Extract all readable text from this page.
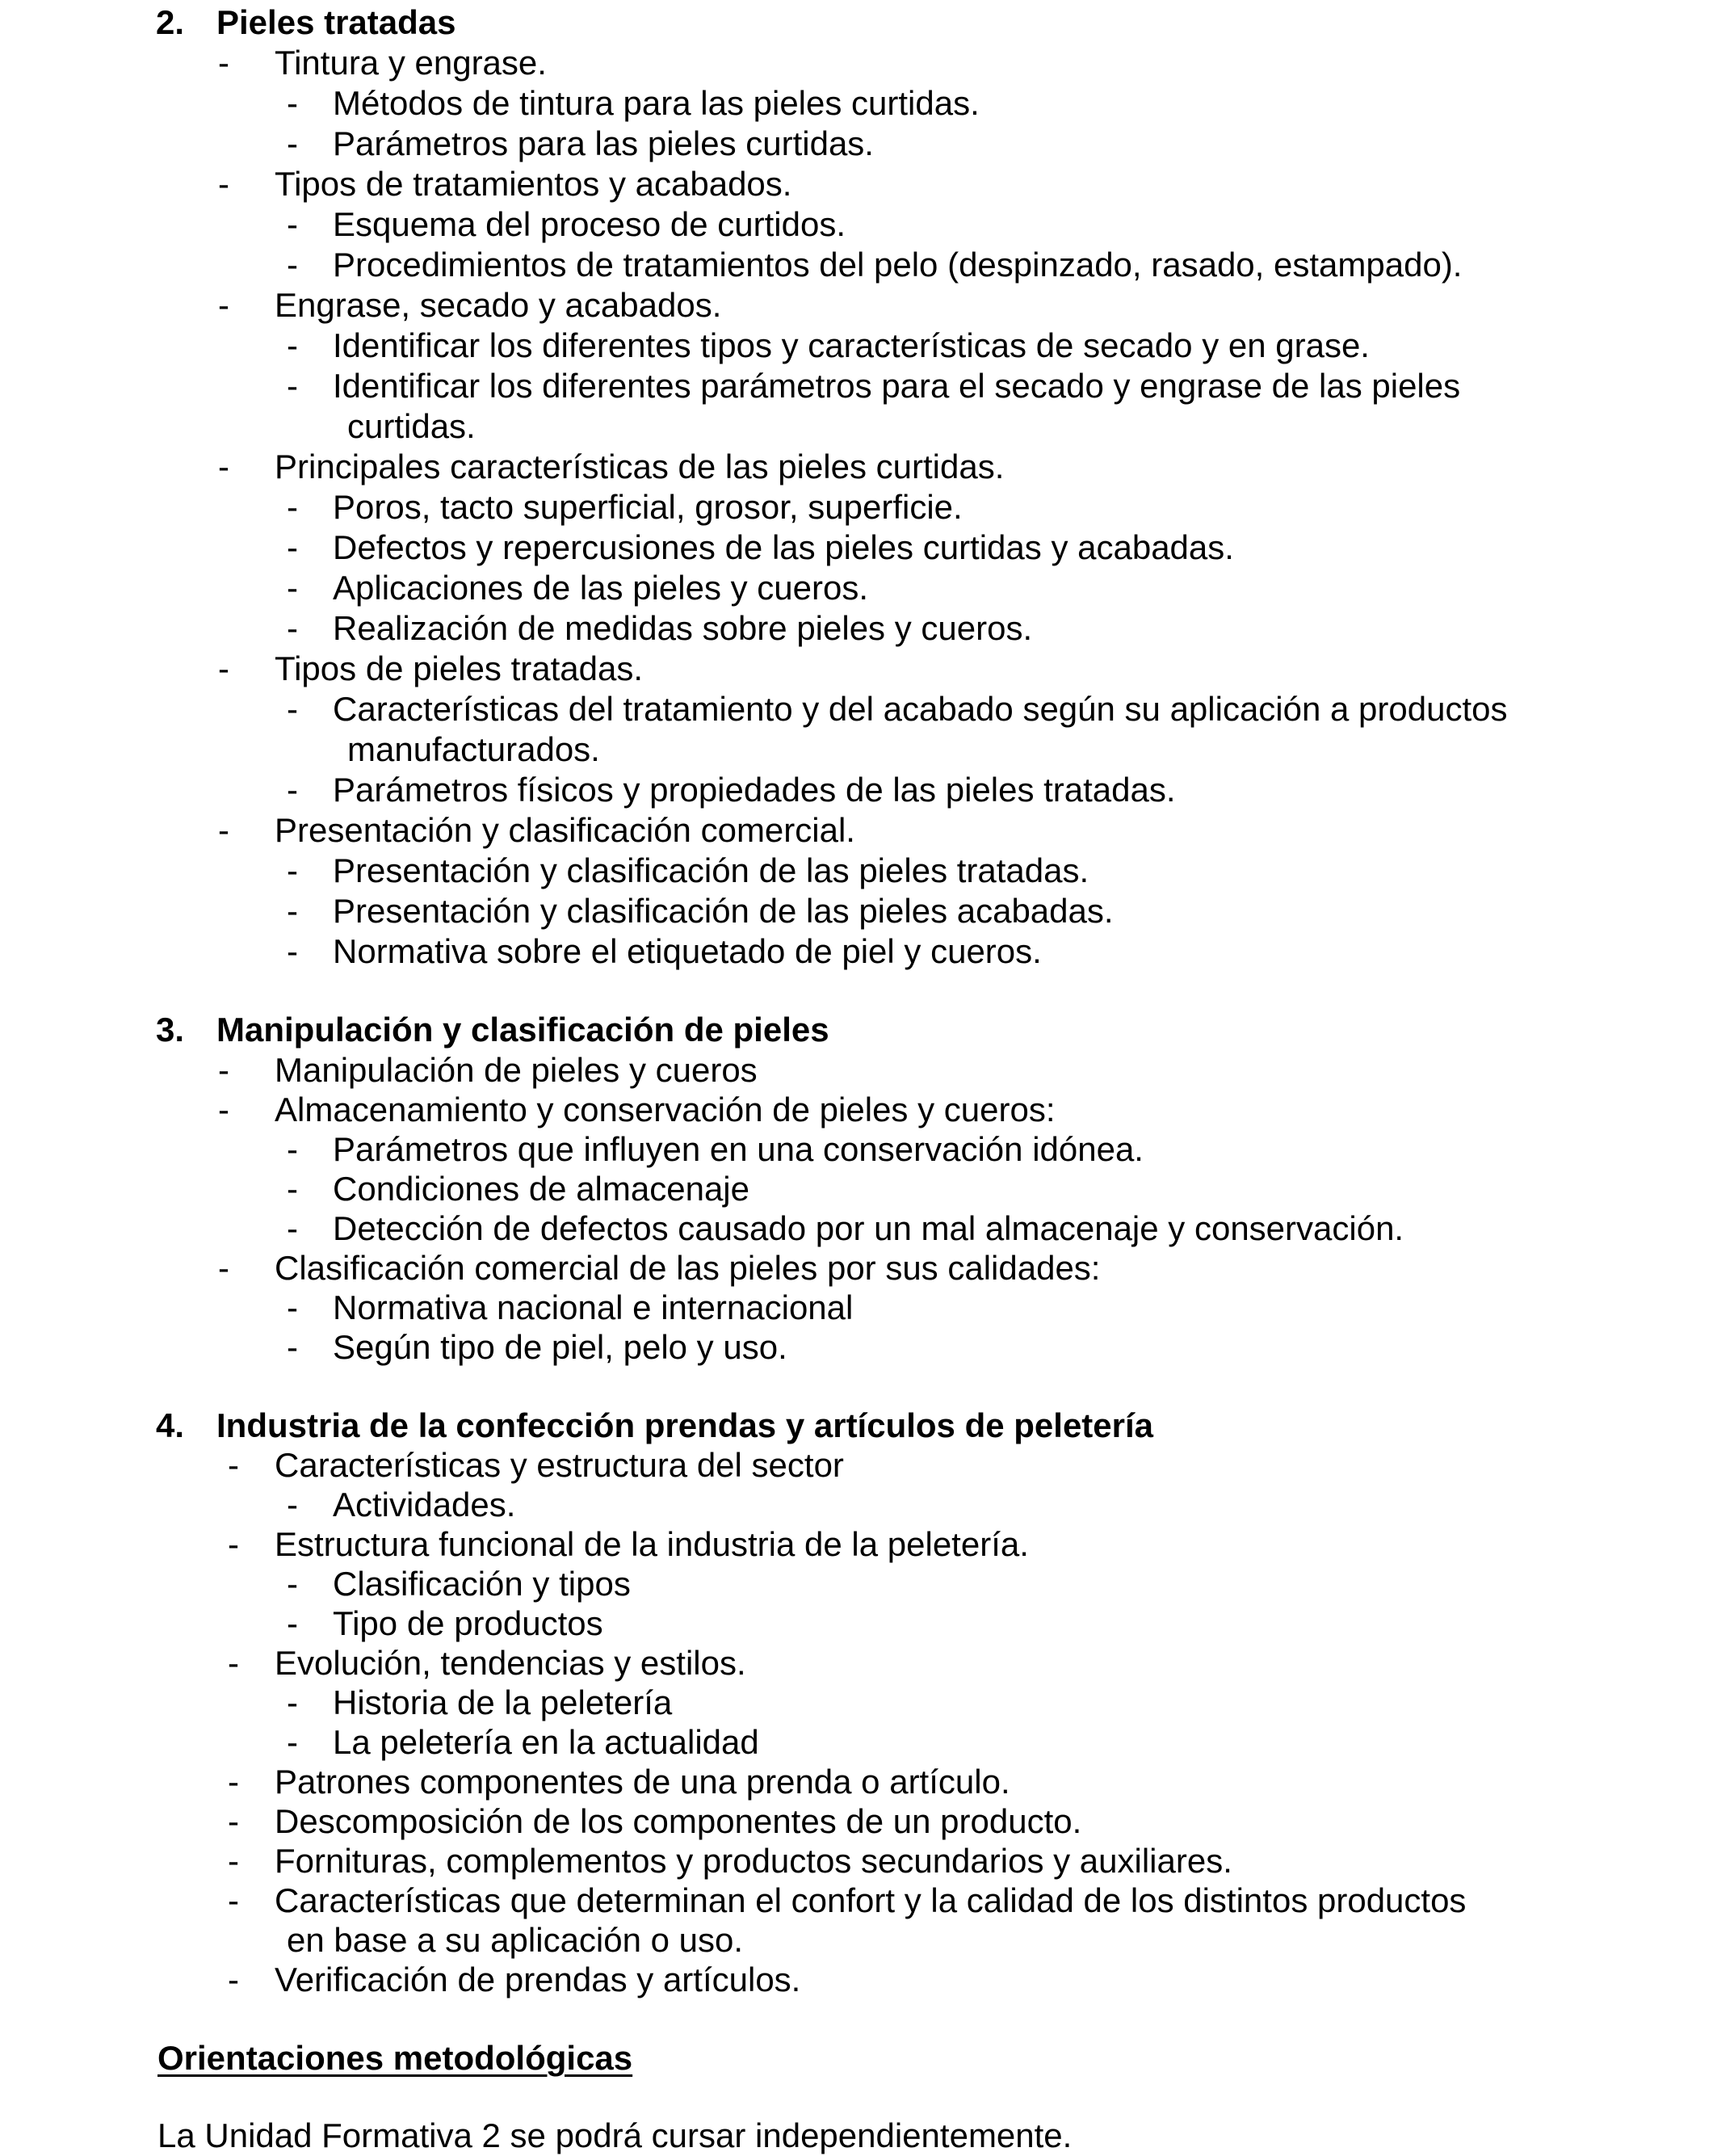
2. Pieles tratadas
- Tintura y engrase.
- Métodos de tintura para las pieles curtidas.
- Parámetros para las pieles curtidas.
- Tipos de tratamientos y acabados.
- Esquema del proceso de curtidos.
- Procedimientos de tratamientos del pelo (despinzado, rasado, estampado).
- Engrase, secado y acabados.
- Identificar los diferentes tipos y características de secado y en grase.
- Identificar los diferentes parámetros para el secado y engrase de las pieles
curtidas.
- Principales características de las pieles curtidas.
- Poros, tacto superficial, grosor, superficie.
- Defectos y repercusiones de las pieles curtidas y acabadas.
- Aplicaciones de las pieles y cueros.
- Realización de medidas sobre pieles y cueros.
- Tipos de pieles tratadas.
- Características del tratamiento y del acabado según su aplicación a productos
manufacturados.
- Parámetros físicos y propiedades de las pieles tratadas.
- Presentación y clasificación comercial.
- Presentación y clasificación de las pieles tratadas.
- Presentación y clasificación de las pieles acabadas.
- Normativa sobre el etiquetado de piel y cueros.
3. Manipulación y clasificación de pieles
- Manipulación de pieles y cueros
- Almacenamiento y conservación de pieles y cueros:
- Parámetros que influyen en una conservación idónea.
- Condiciones de almacenaje
- Detección de defectos causado por un mal almacenaje y conservación.
- Clasificación comercial de las pieles por sus calidades:
- Normativa nacional e internacional
- Según tipo de piel, pelo y uso.
4. Industria de la confección prendas y artículos de peletería
- Características y estructura del sector
- Actividades.
- Estructura funcional de la industria de la peletería.
- Clasificación y tipos
- Tipo de productos
- Evolución, tendencias y estilos.
- Historia de la peletería
- La peletería en la actualidad
- Patrones componentes de una prenda o artículo.
- Descomposición de los componentes de un producto.
- Fornituras, complementos y productos secundarios y auxiliares.
- Características que determinan el confort y la calidad de los distintos productos
en base a su aplicación o uso.
- Verificación de prendas y artículos.
Orientaciones metodológicas
La Unidad Formativa 2 se podrá cursar independientemente.
